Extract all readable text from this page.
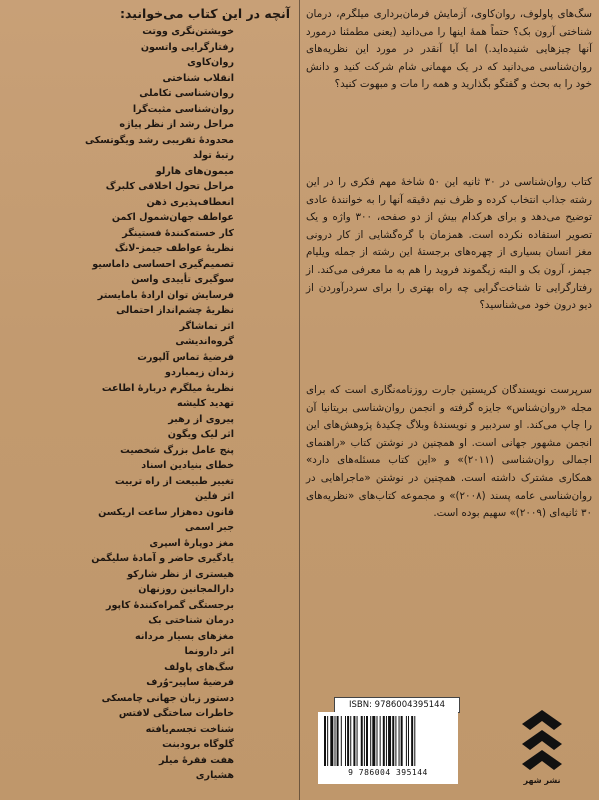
آنچه در این کتاب می‌خوانید:
خویشتن‌نگری ووتت
رفتارگرایی واتسون
روان‌کاوی
انقلاب شناختی
روان‌شناسی تکاملی
روان‌شناسی مثبت‌گرا
مراحل رشد از نظر پیاژه
محدودهٔ تقریبی رشد ویگوتسکی
رتبهٔ تولد
میمون‌های هارلو
مراحل تحول اخلاقی کلبرگ
انعطاف‌پذیری ذهن
عواطف جهان‌شمول اکمن
کار خسته‌کنندهٔ فستینگر
نظریهٔ عواطف جیمز-لانگ
تصمیم‌گیری احساسی داماسیو
سوگیری تأییدی واسن
فرسایش توان ارادهٔ بامایستر
نظریهٔ چشم‌انداز احتمالی
اثر تماشاگر
گروه‌اندیشی
فرضیهٔ تماس آلپورت
زندان زیمباردو
نظریهٔ میلگرم دربارهٔ اطاعت
تهدید کلیشه
پیروی از رهبر
اثر لیک ویگون
پنج عامل بزرگ شخصیت
خطای بنیادین اسناد
تغییر طبیعت از راه تربیت
اثر فلین
قانون ده‌هزار ساعت اریکسن
جبر اسمی
مغز دوپارهٔ اسپری
یادگیری حاضر و آمادهٔ سلیگمن
هیستری از نظر شارکو
دارالمجانین روزنهان
برجستگی گمراه‌کنندهٔ کاپور
درمان شناختی بک
مغزهای بسیار مردانه
اثر دارونما
سگ‌های پاولف
فرضیهٔ ساپیر-وُرف
دستور زبان جهانی چامسکی
خاطرات ساختگی لافتس
شناخت تجسم‌یافته
گلوگاه برودبنت
هفت فقرهٔ میلر
هشیاری

سگ‌های پاولوف، روان‌کاوی، آزمایش فرمان‌برداری میلگرم، درمان شناختی آرون بک؟ حتماً همهٔ اینها را می‌دانید (یعنی مطمئنا درمورد آنها چیزهایی شنیده‌اید.) اما آیا آنقدر در مورد این نظریه‌های روان‌شناسی می‌دانید که در یک مهمانی شام شرکت کنید و دانش خود را به بحث و گفتگو بگذارید و همه را مات و مبهوت کنید؟

کتاب روان‌شناسی در ۳۰ ثانیه این ۵۰ شاخهٔ مهم فکری را در این رشته جذاب انتخاب کرده و ظرف نیم دقیقه آنها را به خوانندهٔ عادی توضیح می‌دهد و برای هرکدام بیش از دو صفحه، ۳۰۰ واژه و یک تصویر استفاده نکرده است. همزمان با گره‌گشایی از کار درونی مغز انسان بسیاری از چهره‌های برجستهٔ این رشته از جمله ویلیام جیمز، آرون بک و البته زیگموند فروید را هم به ما معرفی می‌کند. از رفتارگرایی تا شناخت‌گرایی چه راه بهتری را برای سردرآوردن از دیو درون خود می‌شناسید؟

سرپرست نویسندگان کریستین جارت روزنامه‌نگاری است که برای مجله «روان‌شناس» جایزه گرفته و انجمن روان‌شناسی بریتانیا آن را چاپ می‌کند. او سردبیر و نویسندهٔ وبلاگ چکیدهٔ پژوهش‌های این انجمن مشهور جهانی است. او همچنین در نوشتن کتاب «راهنمای اجمالی روان‌شناسی (۲۰۱۱)» و «این کتاب مسئله‌های دارد» همکاری مشترک داشته است. همچنین در نوشتن «ماجراهایی در روان‌شناسی عامه پسند (۲۰۰۸)» و مجموعه کتاب‌های «نظریه‌های ۳۰ ثانیه‌ای (۲۰۰۹)» سهیم بوده است.

ISBN: 9786004395144
9 786004 395144
نشر شهر
